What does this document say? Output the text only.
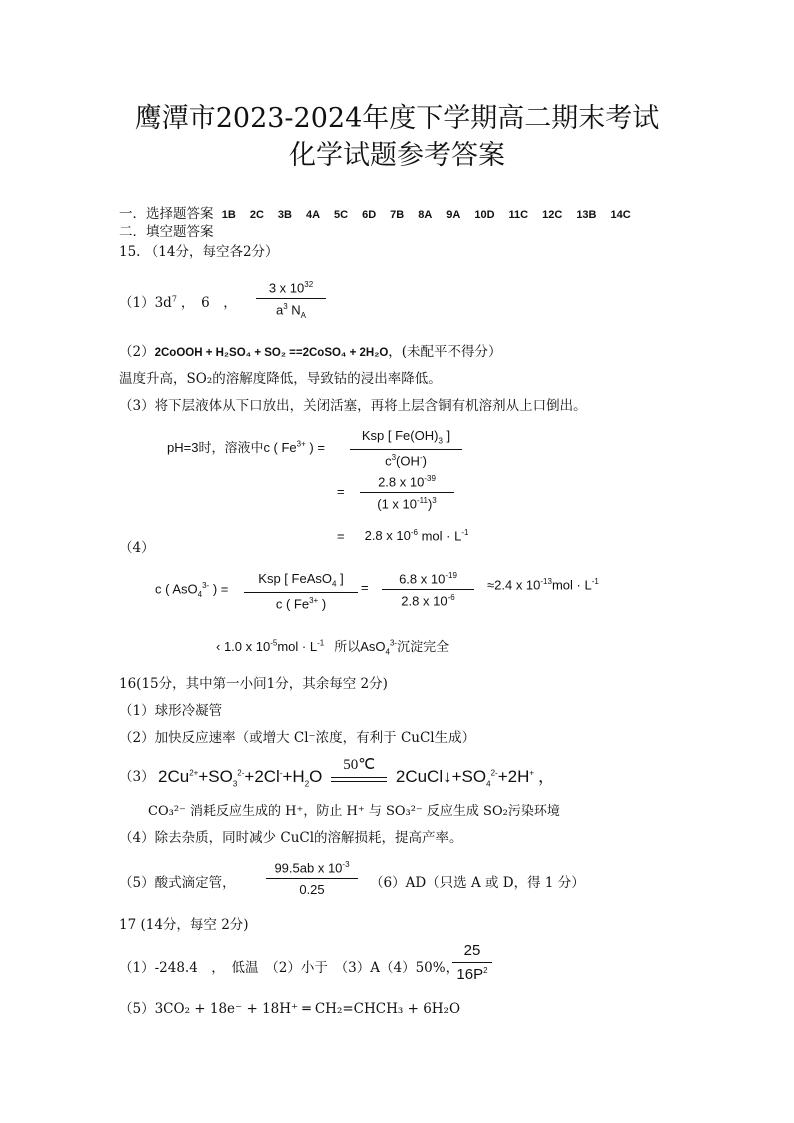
鹰潭市2023-2024年度下学期高二期末考试
化学试题参考答案
一．选择题答案 1B 2C 3B 4A 5C 6D 7B 8A 9A 10D 11C 12C 13B 14C
二．填空题答案
15. （14分，每空各2分）
$(1)3d^7$ ，　6　，
3 x $10^{32}$
$a^3$ $N_A$
（2）2CoOOH + H₂SO₄ + SO₂ ==2CoSO₄ + 2H₂O，(未配平不得分）
温度升高，SO₂的溶解度降低，导致钴的浸出率降低。
（3）将下层液体从下口放出，关闭活塞，再将上层含铜有机溶剂从上口倒出。
pH=3时，溶液中c ( $Fe^{3+}$ ) =
Ksp [ $Fe(OH)_3$ ]
$c^3(OH^-)$
=
2.8 x $10^{-39}$
(1 x $10^{-11})^3$
= 2.8 x $10^{-6}$ mol · $L^{-1}$
（4）
c ( AsO$_4^{3-}$ ) =
Ksp [ FeAsO$_4$ ]
c ( $Fe^{3+}$ )
=
6.8 x $10^{-19}$
2.8 x $10^{-6}$
≈2.4 x $10^{-13}mol \cdot L^{-1}$
‹ 1.0 x $10^{-5}mol \cdot L^{-1}$ 所以AsO$_4^{3-}$沉淀完全
16(15分，其中第一小问1分，其余每空 2分)
（1）球形冷凝管
（2）加快反应速率（或增大 Cl⁻浓度，有利于 CuCl生成）
（3） $2Cu^{2+}+SO_3^{2-}+2Cl^-+H_2O$
50℃
$2CuCl↓+SO_4^{2-}+2H^+$ ，
CO₃²⁻ 消耗反应生成的 H⁺，防止 H⁺ 与 SO₃²⁻ 反应生成 SO₂污染环境
（4）除去杂质，同时减少 CuCl的溶解损耗，提高产率。
（5）酸式滴定管，
99.5ab x $10^{-3}$
0.25	（6）AD（只选 A 或 D，得 1 分）
17 (14分，每空 2分)
（1）-248.4　，　低温　（2）小于　（3）A（4）50%，
25
$16P^2$
（5）3CO₂ + 18e⁻ + 18H⁺ ═ CH₂=CHCH₃ + 6H₂O
